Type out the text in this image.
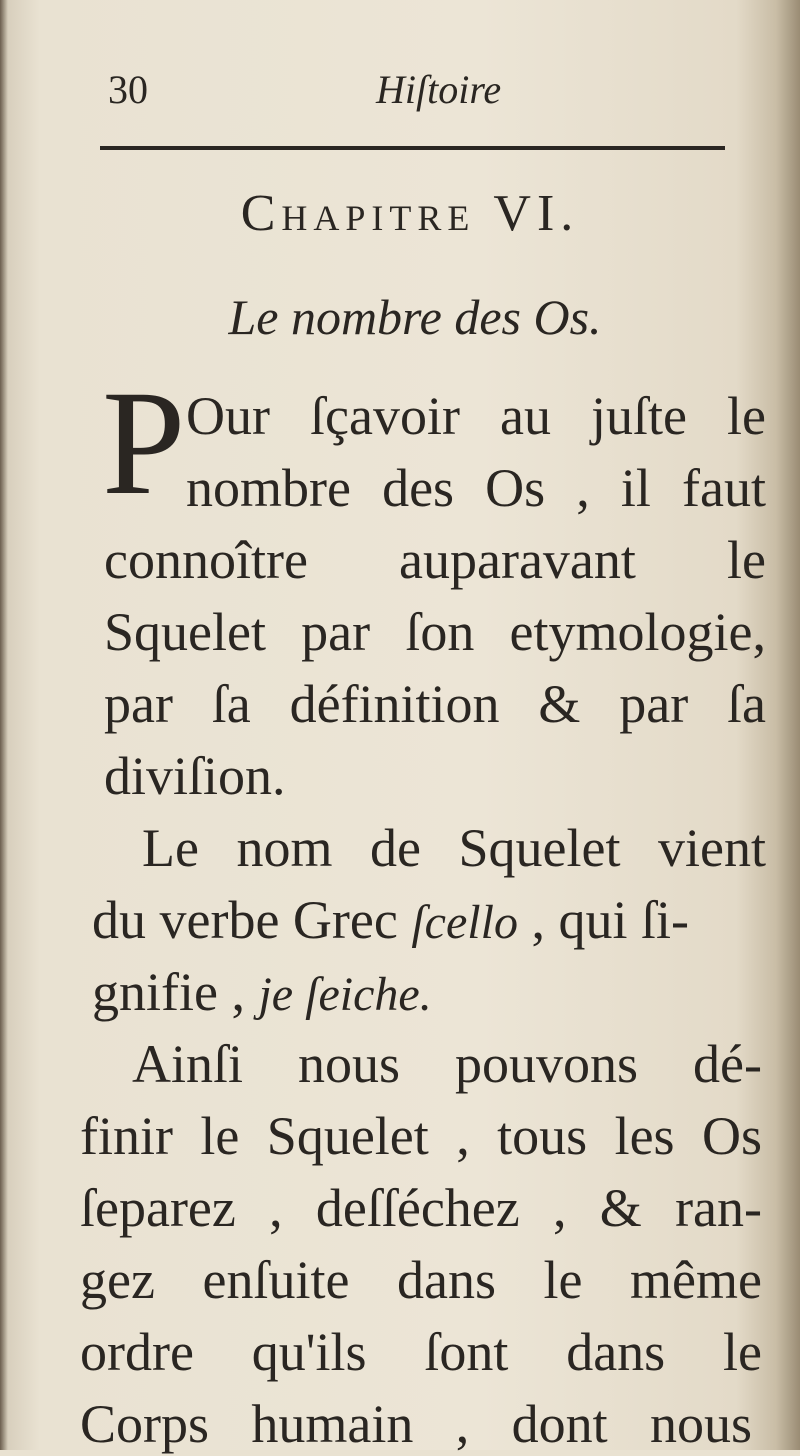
30	Hiſtoire
Chapitre VI.
Le nombre des Os.
P Our ſçavoir au juſte le
nombre des Os , il faut
connoître auparavant le
Squelet par ſon etymologie,
par ſa définition & par ſa
diviſion.
Le nom de Squelet vient
du verbe Grec ſcello , qui ſi-
gnifie , je ſeiche.
Ainſi nous pouvons dé-
finir le Squelet , tous les Os
ſeparez , deſſéchez , & ran-
gez enſuite dans le même
ordre qu'ils ſont dans le
Corps humain , dont nous
